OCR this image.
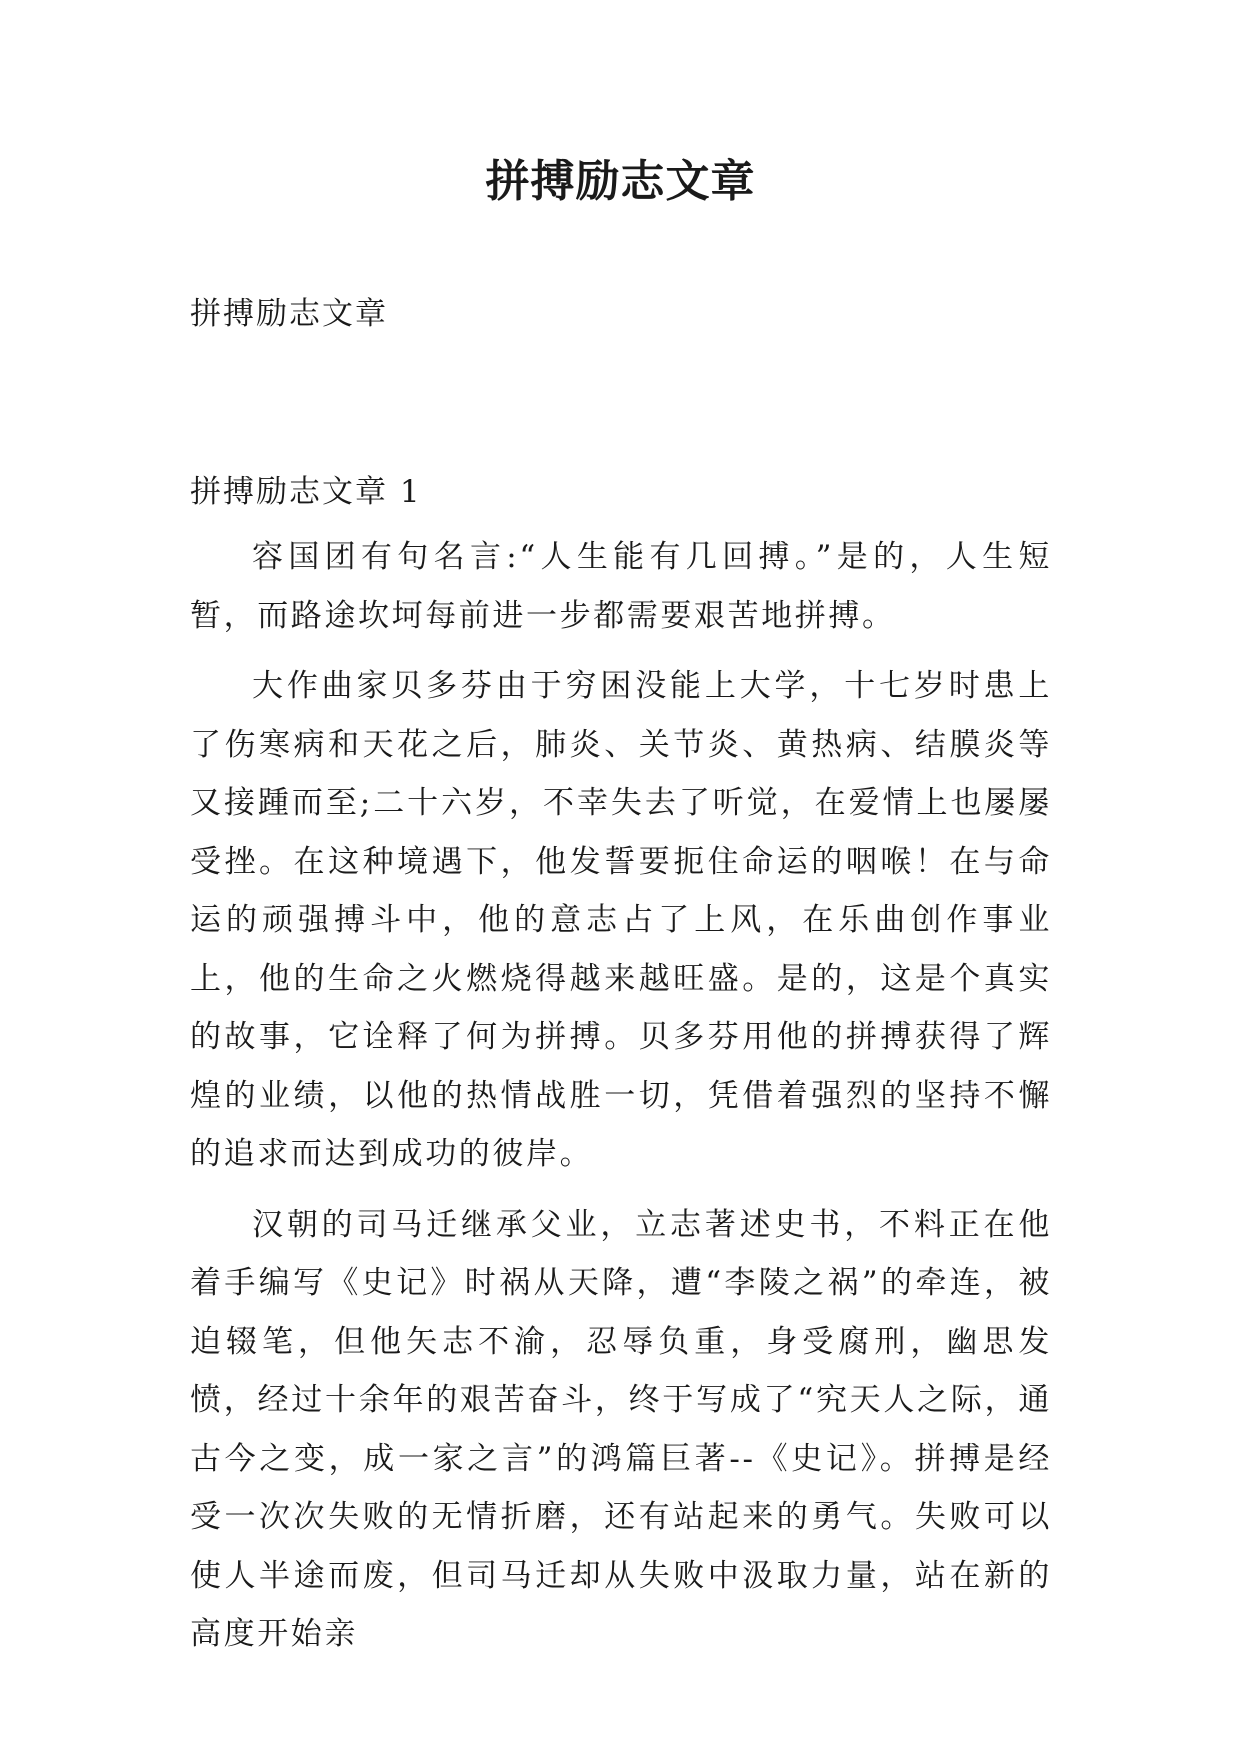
拼搏励志文章
拼搏励志文章
拼搏励志文章 1

容国团有句名言:“人生能有几回搏。”是的，人生短暂，而路途坎坷每前进一步都需要艰苦地拼搏。

大作曲家贝多芬由于穷困没能上大学，十七岁时患上了伤寒病和天花之后，肺炎、关节炎、黄热病、结膜炎等又接踵而至;二十六岁，不幸失去了听觉，在爱情上也屡屡受挫。在这种境遇下，他发誓要扼住命运的咽喉！在与命运的顽强搏斗中，他的意志占了上风，在乐曲创作事业上，他的生命之火燃烧得越来越旺盛。是的，这是个真实的故事，它诠释了何为拼搏。贝多芬用他的拼搏获得了辉煌的业绩，以他的热情战胜一切，凭借着强烈的坚持不懈的追求而达到成功的彼岸。

汉朝的司马迁继承父业，立志著述史书，不料正在他着手编写《史记》时祸从天降，遭“李陵之祸”的牵连，被迫辍笔，但他矢志不渝，忍辱负重，身受腐刑，幽思发愤，经过十余年的艰苦奋斗，终于写成了“究天人之际，通古今之变，成一家之言”的鸿篇巨著--《史记》。拼搏是经受一次次失败的无情折磨，还有站起来的勇气。失败可以使人半途而废，但司马迁却从失败中汲取力量，站在新的高度开始亲
